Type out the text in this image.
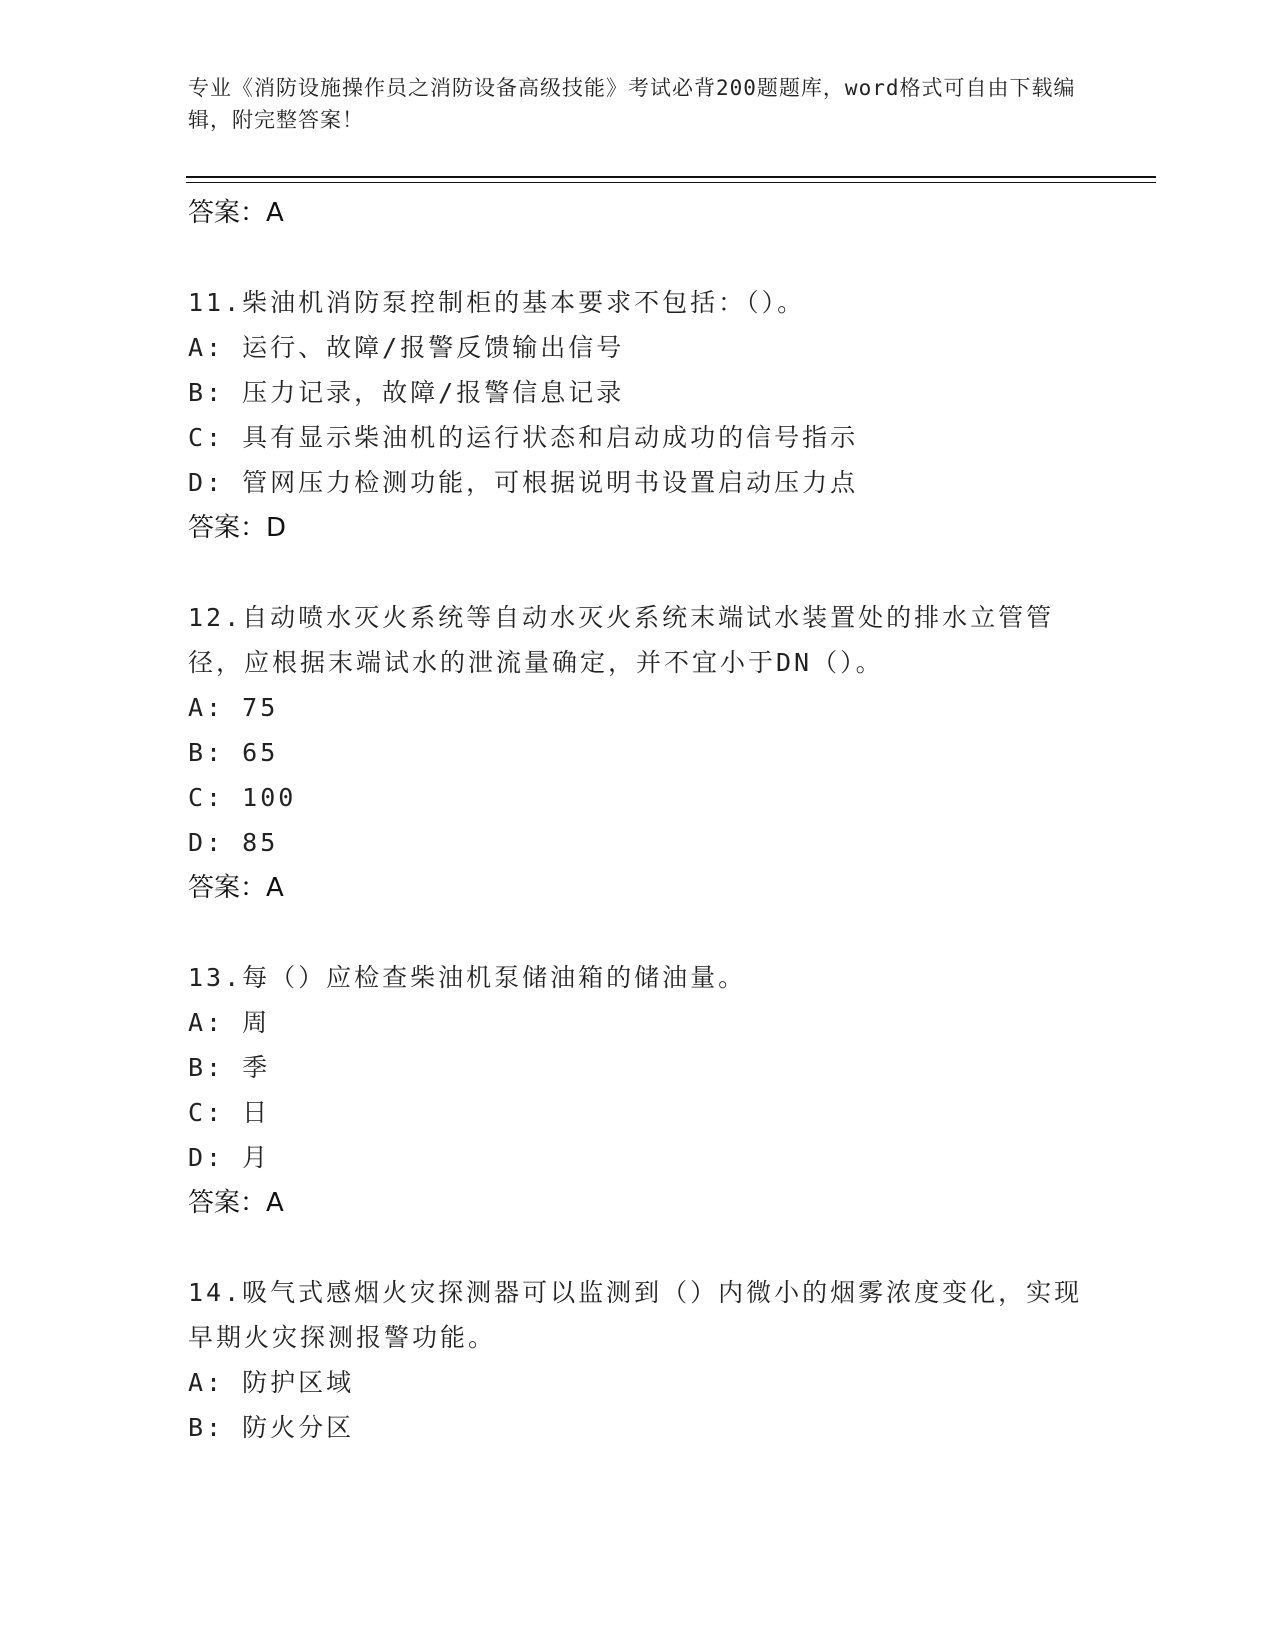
专业《消防设施操作员之消防设备高级技能》考试必背200题题库，word格式可自由下载编辑，附完整答案！
答案：A
11.柴油机消防泵控制柜的基本要求不包括：（）。
A: 运行、故障/报警反馈输出信号
B: 压力记录，故障/报警信息记录
C: 具有显示柴油机的运行状态和启动成功的信号指示
D: 管网压力检测功能，可根据说明书设置启动压力点
答案：D
12.自动喷水灭火系统等自动水灭火系统末端试水装置处的排水立管管径，应根据末端试水的泄流量确定，并不宜小于DN（）。
A: 75
B: 65
C: 100
D: 85
答案：A
13.每（）应检查柴油机泵储油箱的储油量。
A: 周
B: 季
C: 日
D: 月
答案：A
14.吸气式感烟火灾探测器可以监测到（）内微小的烟雾浓度变化，实现早期火灾探测报警功能。
A: 防护区域
B: 防火分区
